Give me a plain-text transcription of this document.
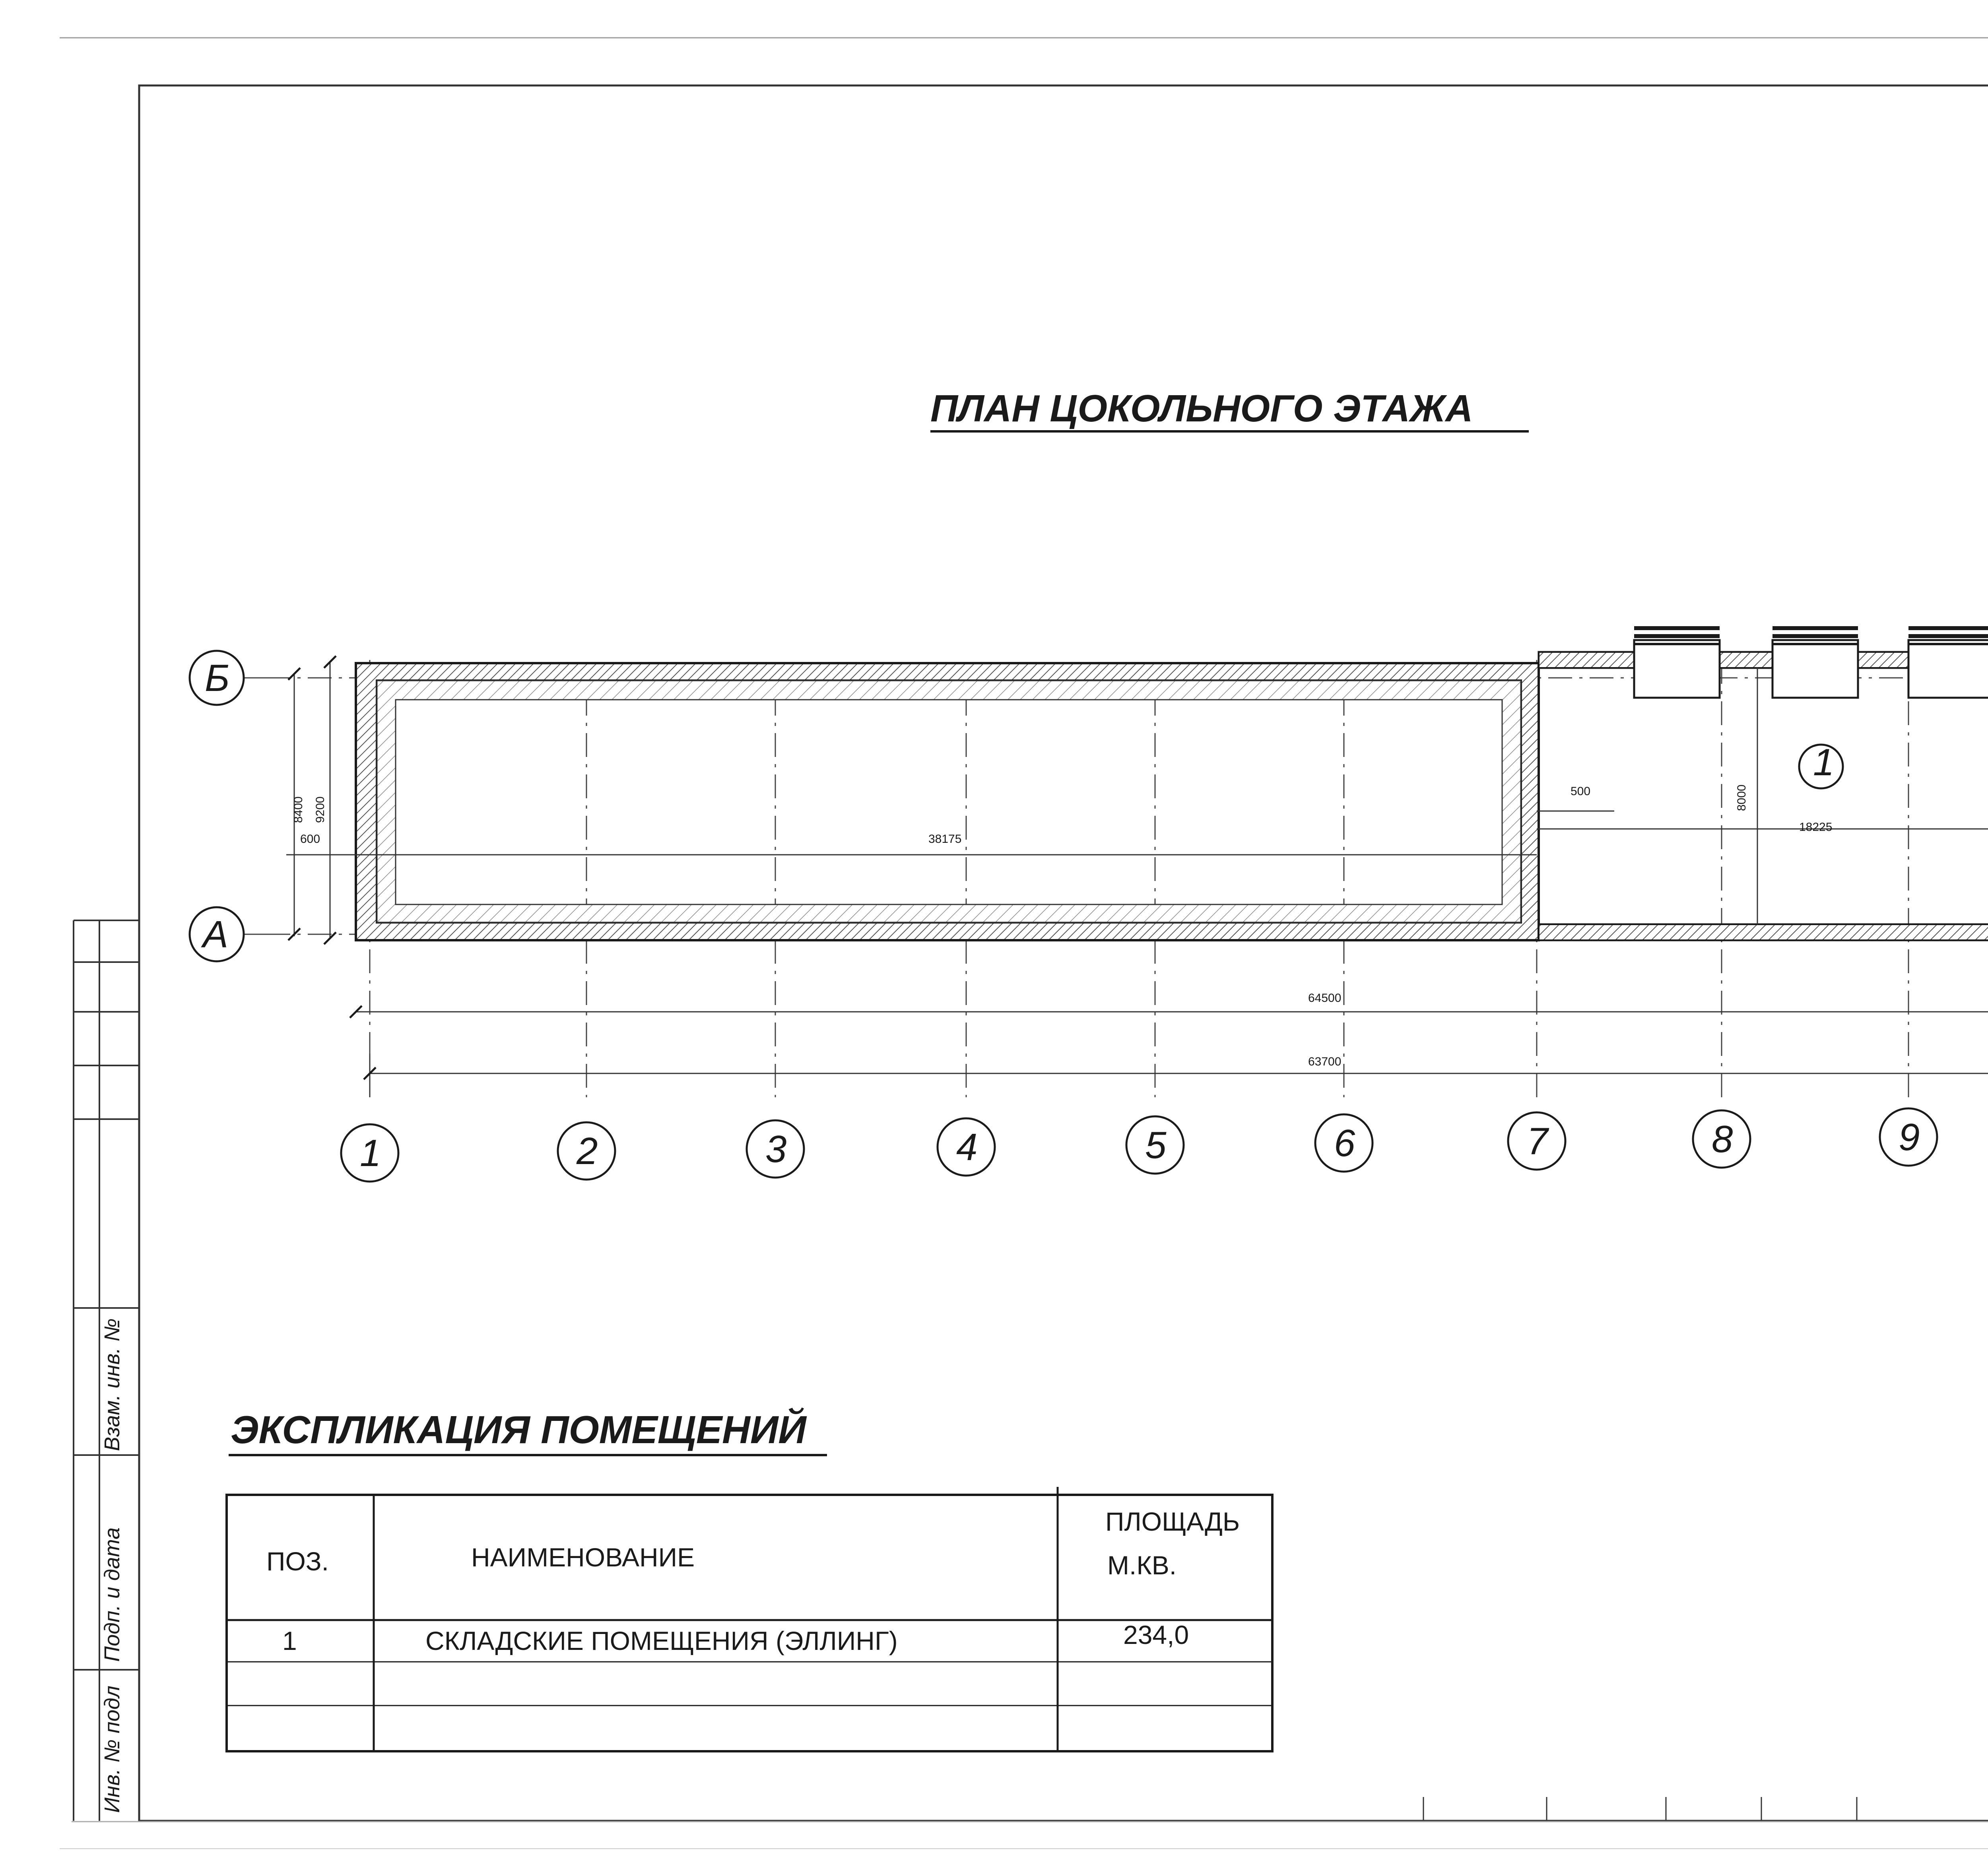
Взам. инв. №
Подп. и дата
Инв. № подл
ПЛАН ЦОКОЛЬНОГО ЭТАЖА
8400 9200
600	38175
500	8000
18225
64500
63700
1
Б
А
1	2	3	4	5	6	7	8	9
ЭКСПЛИКАЦИЯ ПОМЕЩЕНИЙ
ПОЗ.	НАИМЕНОВАНИЕ
ПЛОЩАДЬ
М.КВ.
1	СКЛАДСКИЕ ПОМЕЩЕНИЯ (ЭЛЛИНГ)	234,0
